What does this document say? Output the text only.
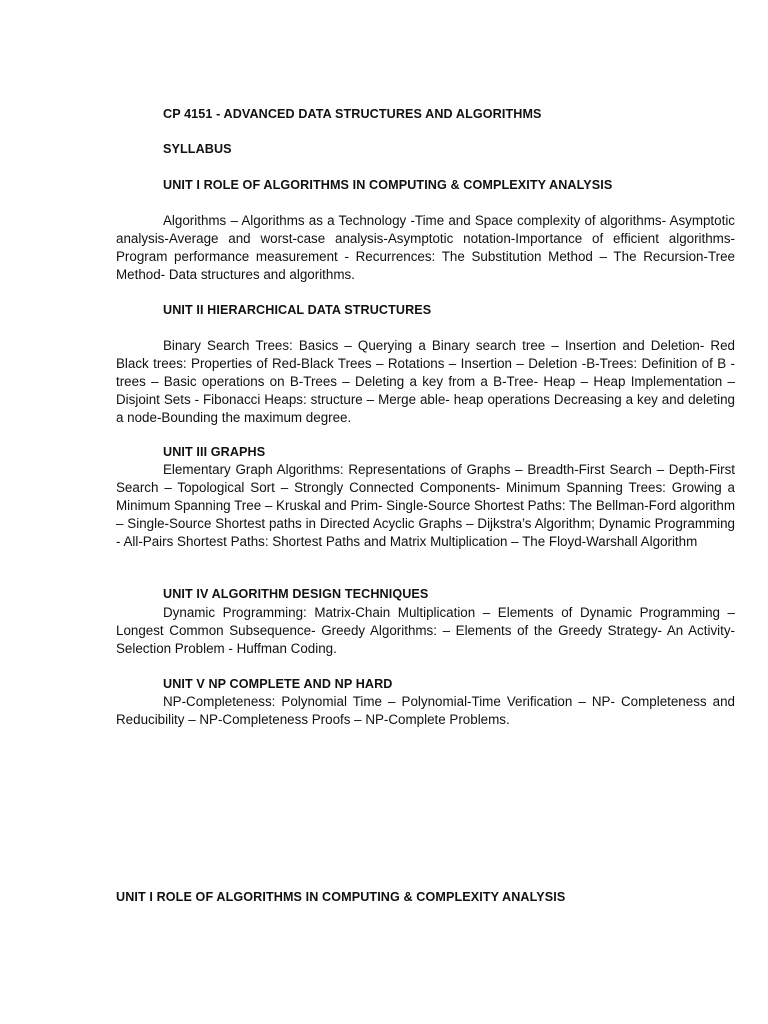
CP 4151 - ADVANCED DATA STRUCTURES AND ALGORITHMS
SYLLABUS
UNIT I ROLE OF ALGORITHMS IN COMPUTING & COMPLEXITY ANALYSIS
Algorithms – Algorithms as a Technology -Time and Space complexity of algorithms- Asymptotic analysis-Average and worst-case analysis-Asymptotic notation-Importance of efficient algorithms- Program performance measurement - Recurrences: The Substitution Method – The Recursion-Tree Method- Data structures and algorithms.
UNIT II HIERARCHICAL DATA STRUCTURES
Binary Search Trees: Basics – Querying a Binary search tree – Insertion and Deletion- Red Black trees: Properties of Red-Black Trees – Rotations – Insertion – Deletion -B-Trees: Definition of B -trees – Basic operations on B-Trees – Deleting a key from a B-Tree- Heap – Heap Implementation – Disjoint Sets - Fibonacci Heaps: structure – Merge able- heap operations Decreasing a key and deleting a node-Bounding the maximum degree.
UNIT III GRAPHS
Elementary Graph Algorithms: Representations of Graphs – Breadth-First Search – Depth-First Search – Topological Sort – Strongly Connected Components- Minimum Spanning Trees: Growing a Minimum Spanning Tree – Kruskal and Prim- Single-Source Shortest Paths: The Bellman-Ford algorithm – Single-Source Shortest paths in Directed Acyclic Graphs – Dijkstra’s Algorithm; Dynamic Programming - All-Pairs Shortest Paths: Shortest Paths and Matrix Multiplication – The Floyd-Warshall Algorithm
UNIT IV ALGORITHM DESIGN TECHNIQUES
Dynamic Programming: Matrix-Chain Multiplication – Elements of Dynamic Programming – Longest Common Subsequence- Greedy Algorithms: – Elements of the Greedy Strategy- An Activity-Selection Problem - Huffman Coding.
UNIT V NP COMPLETE AND NP HARD
NP-Completeness: Polynomial Time – Polynomial-Time Verification – NP- Completeness and Reducibility – NP-Completeness Proofs – NP-Complete Problems.
UNIT I ROLE OF ALGORITHMS IN COMPUTING & COMPLEXITY ANALYSIS
